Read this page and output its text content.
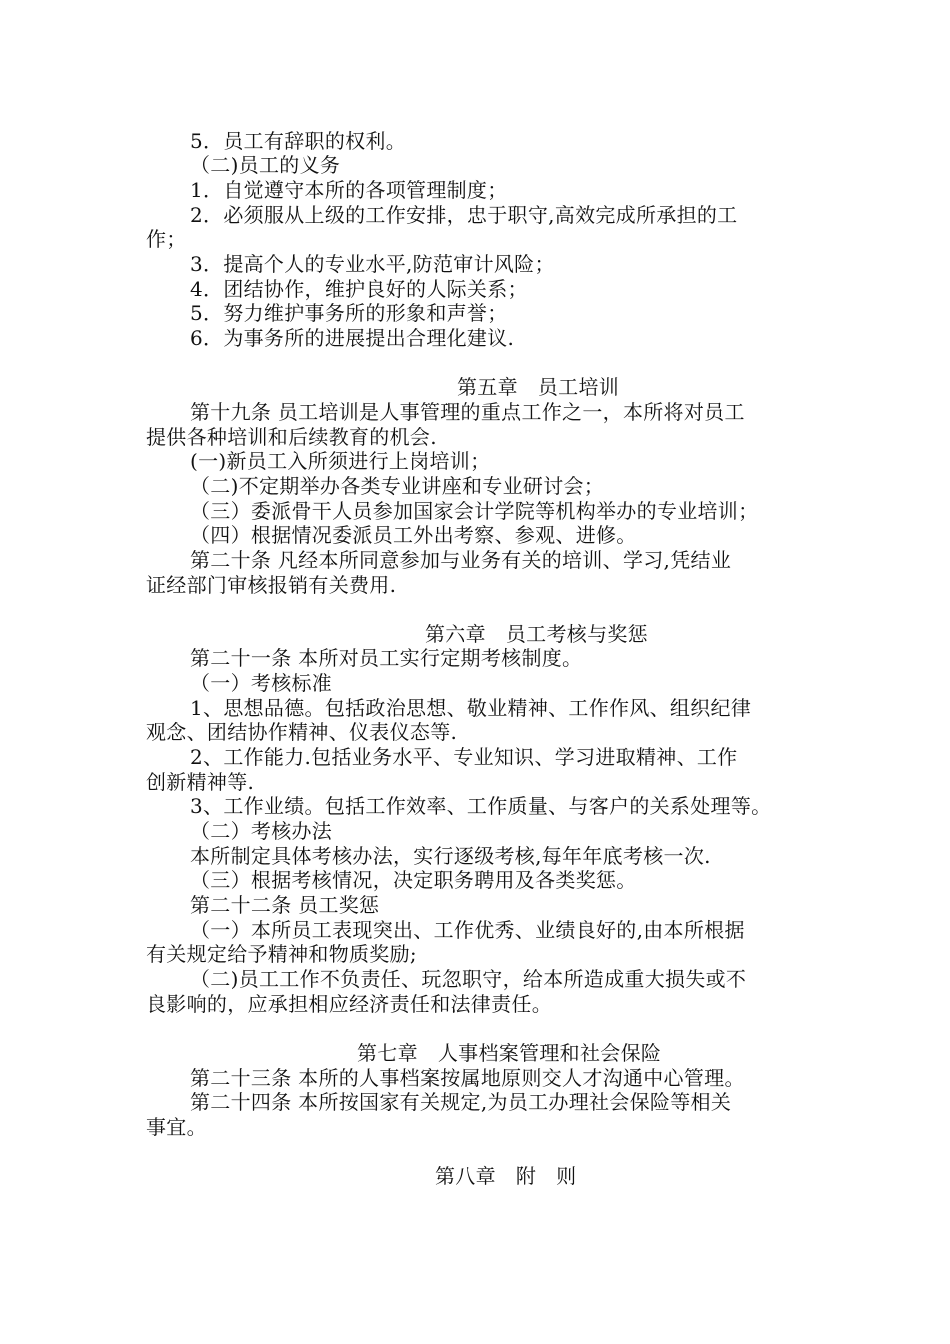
5．员工有辞职的权利。
（二)员工的义务
1．自觉遵守本所的各项管理制度；
2．必须服从上级的工作安排，忠于职守,高效完成所承担的工
作；
3．提高个人的专业水平,防范审计风险；
4．团结协作，维护良好的人际关系；
5．努力维护事务所的形象和声誉；
6．为事务所的进展提出合理化建议.
第五章   员工培训
第十九条 员工培训是人事管理的重点工作之一，本所将对员工
提供各种培训和后续教育的机会.
(一)新员工入所须进行上岗培训；
（二)不定期举办各类专业讲座和专业研讨会；
（三）委派骨干人员参加国家会计学院等机构举办的专业培训；
（四）根据情况委派员工外出考察、参观、进修。
第二十条 凡经本所同意参加与业务有关的培训、学习,凭结业
证经部门审核报销有关费用.
第六章   员工考核与奖惩
第二十一条 本所对员工实行定期考核制度。
（一）考核标准
1、思想品德。包括政治思想、敬业精神、工作作风、组织纪律
观念、团结协作精神、仪表仪态等.
2、工作能力.包括业务水平、专业知识、学习进取精神、工作
创新精神等.
3、工作业绩。包括工作效率、工作质量、与客户的关系处理等。
（二）考核办法
本所制定具体考核办法，实行逐级考核,每年年底考核一次.
（三）根据考核情况，决定职务聘用及各类奖惩。
第二十二条 员工奖惩
（一）本所员工表现突出、工作优秀、业绩良好的,由本所根据
有关规定给予精神和物质奖励;
（二)员工工作不负责任、玩忽职守，给本所造成重大损失或不
良影响的，应承担相应经济责任和法律责任。
第七章   人事档案管理和社会保险
第二十三条 本所的人事档案按属地原则交人才沟通中心管理。
第二十四条 本所按国家有关规定,为员工办理社会保险等相关
事宜。
第八章   附   则
